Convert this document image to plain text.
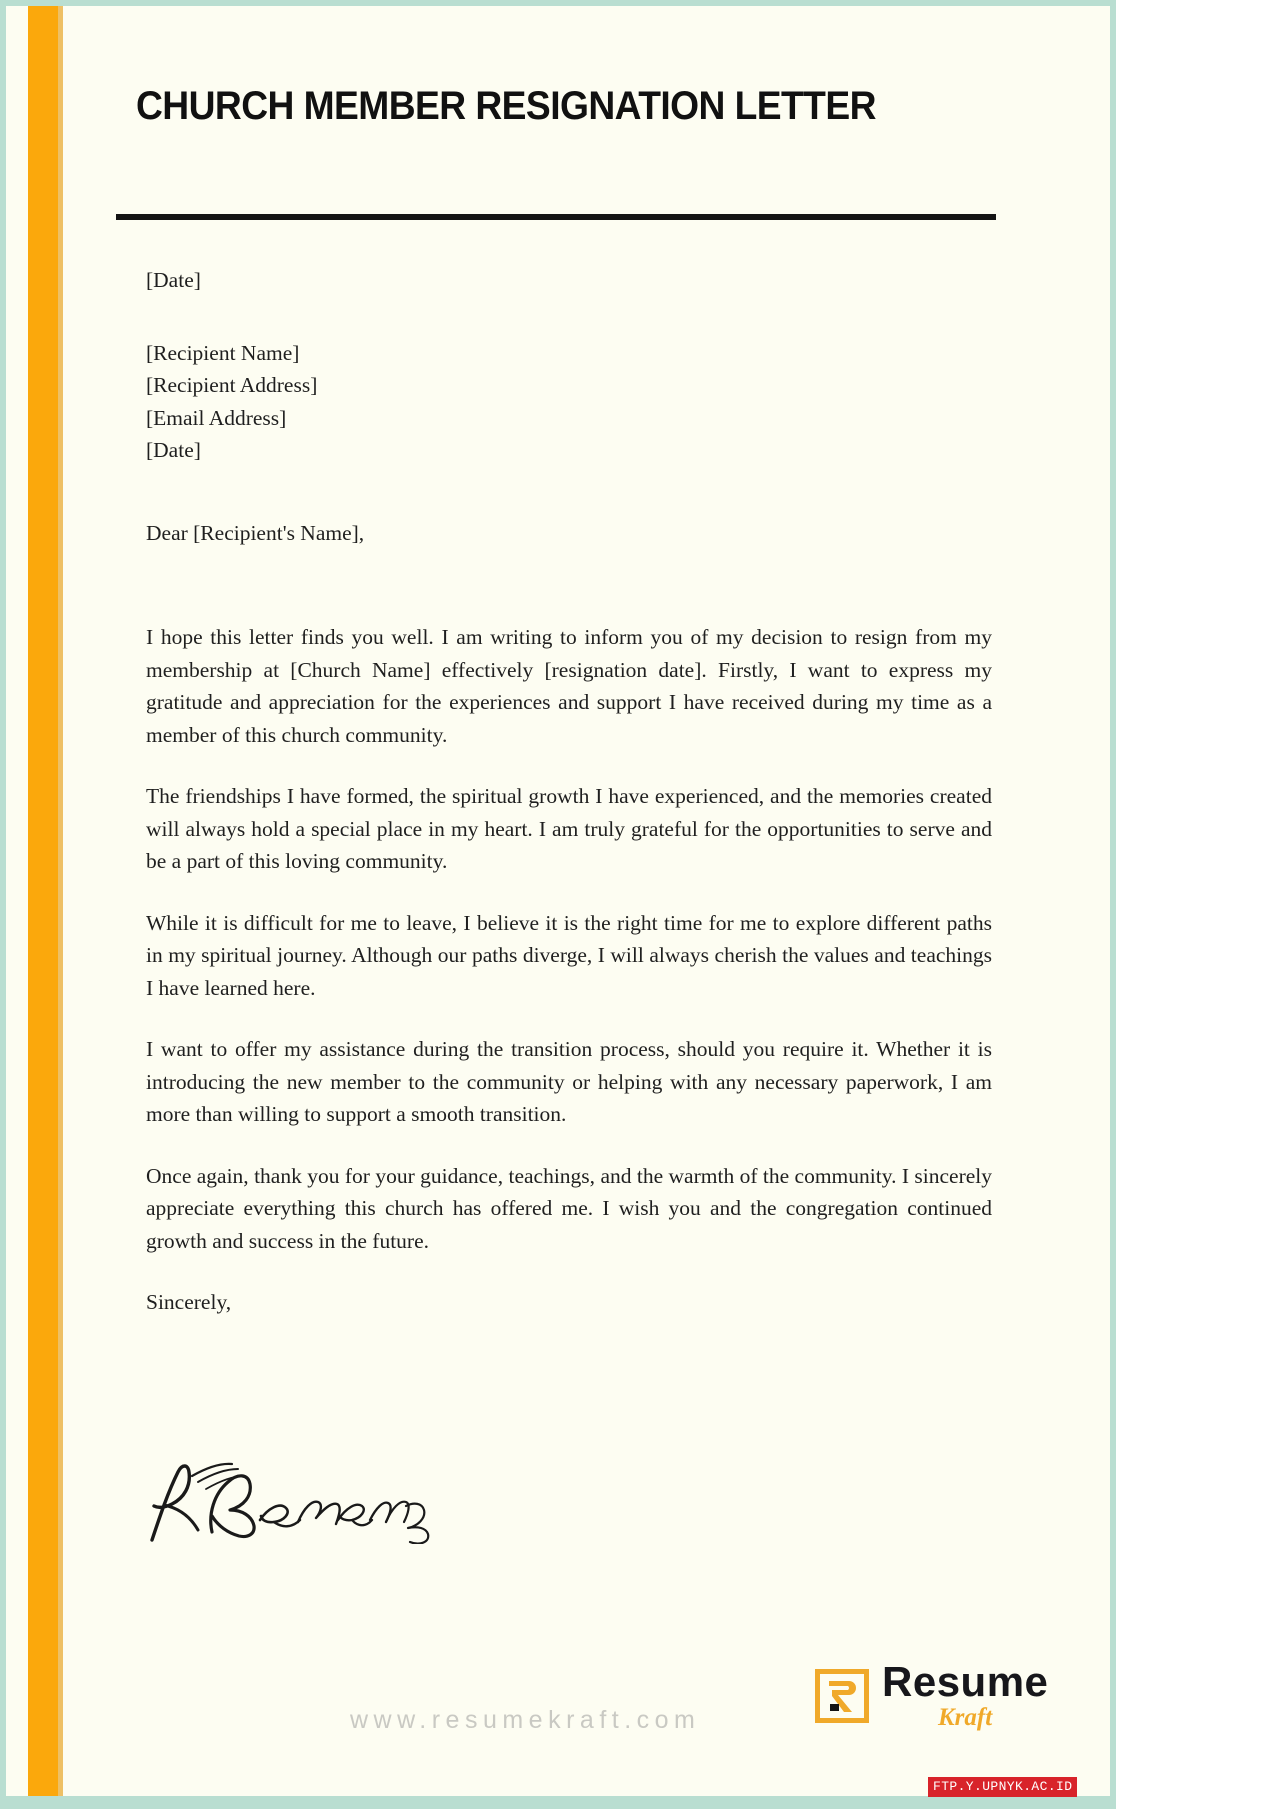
CHURCH MEMBER RESIGNATION LETTER

[Date]

[Recipient Name]

[Recipient Address]

[Email Address]

[Date]

Dear [Recipient's Name],

I hope this letter finds you well. I am writing to inform you of my decision to resign from my membership at [Church Name] effectively [resignation date]. Firstly, I want to express my gratitude and appreciation for the experiences and support I have received during my time as a member of this church community.

The friendships I have formed, the spiritual growth I have experienced, and the memories created will always hold a special place in my heart. I am truly grateful for the opportunities to serve and be a part of this loving community.

While it is difficult for me to leave, I believe it is the right time for me to explore different paths in my spiritual journey. Although our paths diverge, I will always cherish the values and teachings I have learned here.

I want to offer my assistance during the transition process, should you require it. Whether it is introducing the new member to the community or helping with any necessary paperwork, I am more than willing to support a smooth transition.

Once again, thank you for your guidance, teachings, and the warmth of the community. I sincerely appreciate everything this church has offered me. I wish you and the congregation continued growth and success in the future.

Sincerely,

www.resumekraft.com
Resume
Kraft
FTP.Y.UPNYK.AC.ID
